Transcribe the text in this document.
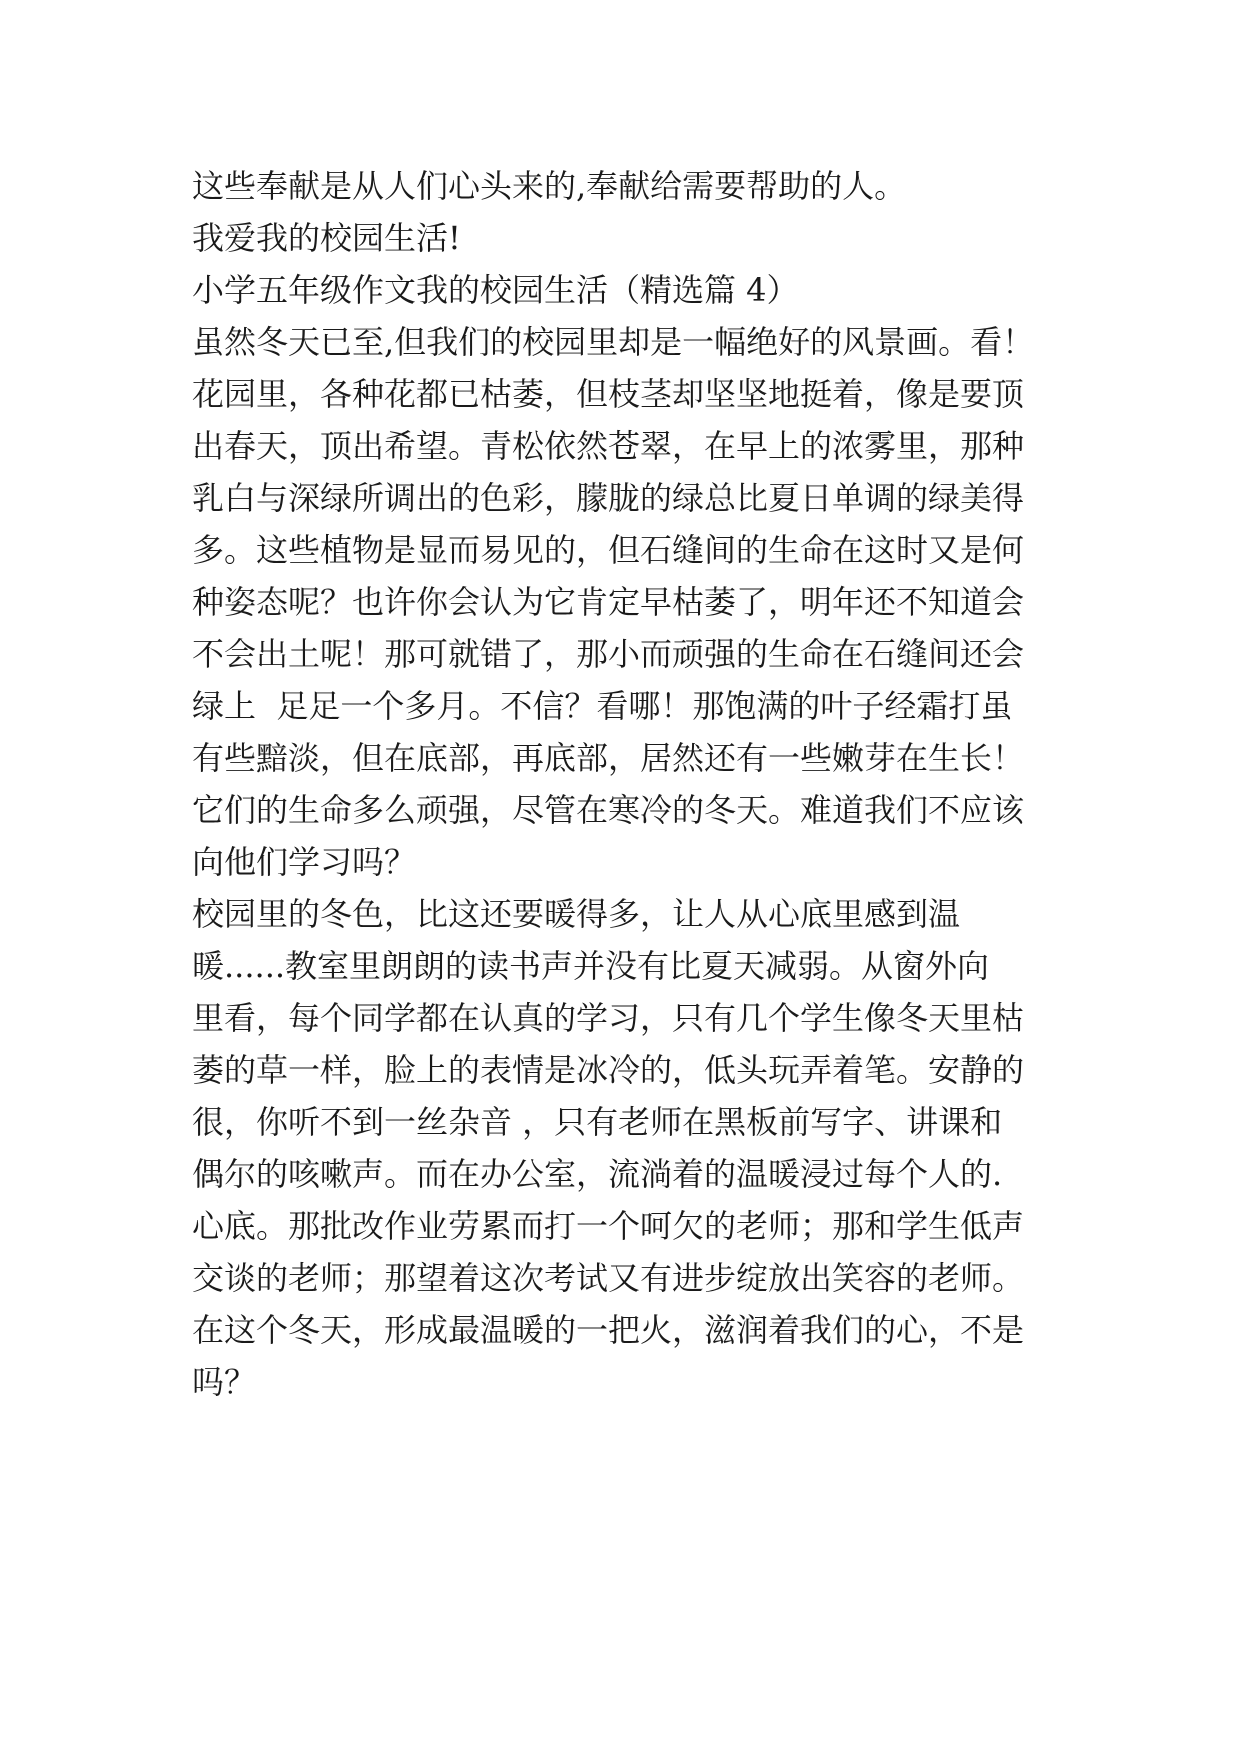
这些奉献是从人们心头来的,奉献给需要帮助的人。
我爱我的校园生活!
小学五年级作文我的校园生活（精选篇 4）
虽然冬天已至,但我们的校园里却是一幅绝好的风景画。看！
花园里，各种花都已枯萎，但枝茎却坚坚地挺着，像是要顶
出春天，顶出希望。青松依然苍翠，在早上的浓雾里，那种
乳白与深绿所调出的色彩，朦胧的绿总比夏日单调的绿美得
多。这些植物是显而易见的，但石缝间的生命在这时又是何
种姿态呢？也许你会认为它肯定早枯萎了，明年还不知道会
不会出土呢！那可就错了，那小而顽强的生命在石缝间还会
绿上  足足一个多月。不信？看哪！那饱满的叶子经霜打虽
有些黯淡，但在底部，再底部，居然还有一些嫩芽在生长！
它们的生命多么顽强，尽管在寒冷的冬天。难道我们不应该
向他们学习吗？
校园里的冬色，比这还要暖得多，让人从心底里感到温
暖......教室里朗朗的读书声并没有比夏天减弱。从窗外向
里看，每个同学都在认真的学习，只有几个学生像冬天里枯
萎的草一样，脸上的表情是冰冷的，低头玩弄着笔。安静的
很，你听不到一丝杂音 ，只有老师在黑板前写字、讲课和
偶尔的咳嗽声。而在办公室，流淌着的温暖浸过每个人的.
心底。那批改作业劳累而打一个呵欠的老师；那和学生低声
交谈的老师；那望着这次考试又有进步绽放出笑容的老师。
在这个冬天，形成最温暖的一把火，滋润着我们的心，不是
吗？
